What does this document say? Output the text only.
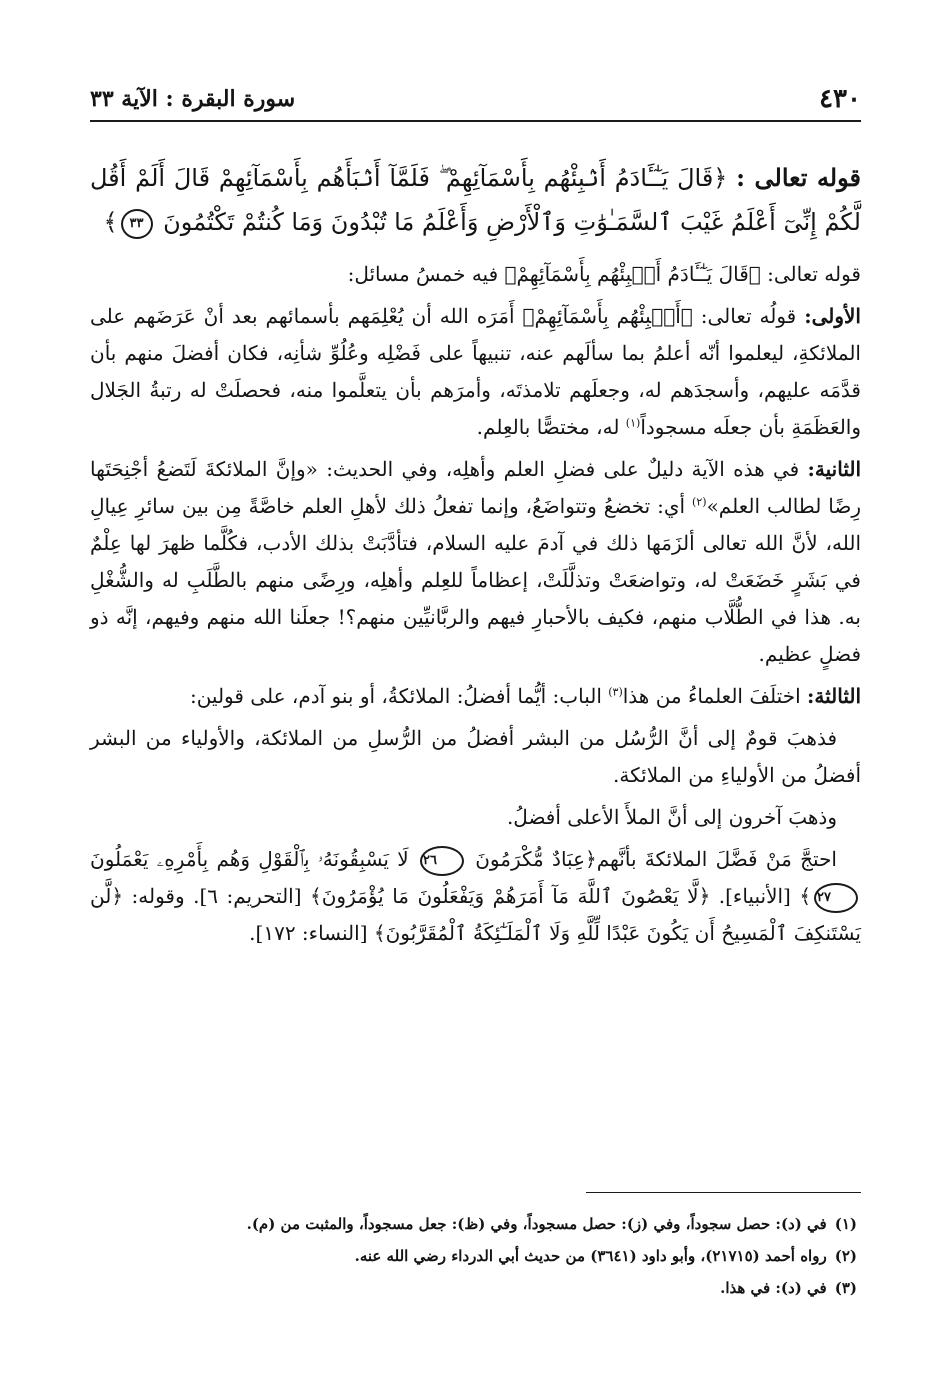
٤٣٠
سورة البقرة : الآية ٣٣

قوله تعالى : ﴿قَالَ يَـٰٓـَٔادَمُ أَنۢبِئْهُم بِأَسْمَآئِهِمْ ۖ فَلَمَّآ أَنۢبَأَهُم بِأَسْمَآئِهِمْ قَالَ أَلَمْ أَقُل لَّكُمْ إِنِّىٓ أَعْلَمُ غَيْبَ ٱلسَّمَـٰوَٰتِ وَٱلْأَرْضِ وَأَعْلَمُ مَا تُبْدُونَ وَمَا كُنتُمْ تَكْتُمُونَ ٣٣﴾

قوله تعالى: ﴿قَالَ يَـٰٓـَٔادَمُ أَنۢبِئْهُم بِأَسْمَآئِهِمْ﴾ فيه خمسُ مسائل:

الأولى: قولُه تعالى: ﴿أَنۢبِئْهُم بِأَسْمَآئِهِمْ﴾ أَمَرَه الله أن يُعْلِمَهم بأسمائهم بعد أنْ عَرَضَهم على الملائكةِ، ليعلموا أنّه أعلمُ بما سألَهم عنه، تنبيهاً على فَضْلِه وعُلُوِّ شأنِه، فكان أفضلَ منهم بأن قدَّمَه عليهم، وأسجدَهم له، وجعلَهم تلامذتَه، وأمرَهم بأن يتعلَّموا منه، فحصلَتْ له رتبةُ الجَلال والعَظَمَةِ بأن جعلَه مسجوداً$^{(١)}$ له، مختصًّا بالعِلم.

الثانية: في هذه الآية دليلٌ على فضلِ العلم وأهلِه، وفي الحديث: «وإنَّ الملائكةَ لَتَضعُ أجْنِحَتَها رِضًا لطالب العلم»$^{(٢)}$ أي: تخضعُ وتتواضَعُ، وإنما تفعلُ ذلك لأهلِ العلم خاصَّةً مِن بين سائرِ عِيالِ الله، لأنَّ الله تعالى ألزَمَها ذلك في آدمَ عليه السلام، فتأدَّبَتْ بذلك الأدب، فكُلَّما ظهرَ لها عِلْمٌ في بَشَرٍ خَضَعَتْ له، وتواضعَتْ وتذلَّلَتْ، إعظاماً للعِلم وأهلِه، ورِضًى منهم بالطَّلَبِ له والشُّغْلِ به. هذا في الطُّلَّاب منهم، فكيف بالأحبارِ فيهم والربَّانيِّين منهم؟! جعلَنا الله منهم وفيهم، إنَّه ذو فضلٍ عظيم.

الثالثة: اختلَفَ العلماءُ من هذا$^{(٣)}$ الباب: أيُّما أفضلُ: الملائكةُ، أو بنو آدم، على قولين:

فذهبَ قومٌ إلى أنَّ الرُّسُل من البشر أفضلُ من الرُّسلِ من الملائكة، والأولياء من البشر أفضلُ من الأولياءِ من الملائكة.

وذهبَ آخرون إلى أنَّ الملأَ الأعلى أفضلُ.

احتجَّ مَنْ فَضَّلَ الملائكةَ بأنَّهم﴿عِبَادٌ مُّكْرَمُونَ ٢٦ لَا يَسْبِقُونَهُۥ بِٱلْقَوْلِ وَهُم بِأَمْرِهِۦ يَعْمَلُونَ ٢٧﴾ [الأنبياء]. ﴿لَّا يَعْصُونَ ٱللَّهَ مَآ أَمَرَهُمْ وَيَفْعَلُونَ مَا يُؤْمَرُونَ﴾ [التحريم: ٦]. وقوله: ﴿لَّن يَسْتَنكِفَ ٱلْمَسِيحُ أَن يَكُونَ عَبْدًا لِّلَّهِ وَلَا ٱلْمَلَـٰٓئِكَةُ ٱلْمُقَرَّبُونَ﴾ [النساء: ١٧٢].

(١)في (د): حصل سجوداً، وفي (ز): حصل مسجوداً، وفي (ظ): جعل مسجوداً، والمثبت من (م).
(٢)رواه أحمد (٢١٧١٥)، وأبو داود (٣٦٤١) من حديث أبي الدرداء رضي الله عنه.
(٣)في (د): في هذا.
